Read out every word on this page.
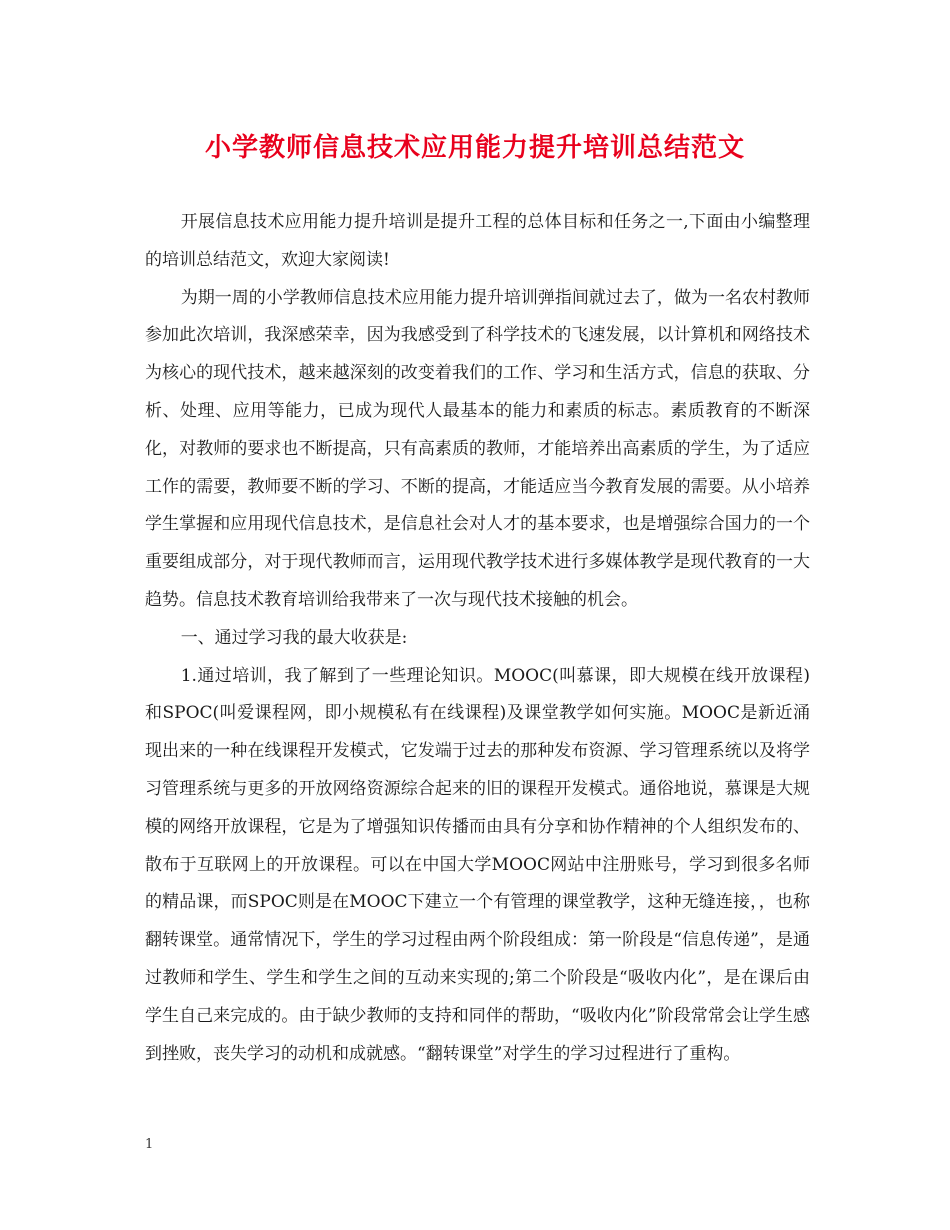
小学教师信息技术应用能力提升培训总结范文

开展信息技术应用能力提升培训是提升工程的总体目标和任务之一,下面由小编整理的培训总结范文，欢迎大家阅读!

为期一周的小学教师信息技术应用能力提升培训弹指间就过去了，做为一名农村教师参加此次培训，我深感荣幸，因为我感受到了科学技术的飞速发展，以计算机和网络技术为核心的现代技术，越来越深刻的改变着我们的工作、学习和生活方式，信息的获取、分析、处理、应用等能力，已成为现代人最基本的能力和素质的标志。素质教育的不断深化，对教师的要求也不断提高，只有高素质的教师，才能培养出高素质的学生，为了适应工作的需要，教师要不断的学习、不断的提高，才能适应当今教育发展的需要。从小培养学生掌握和应用现代信息技术，是信息社会对人才的基本要求，也是增强综合国力的一个重要组成部分，对于现代教师而言，运用现代教学技术进行多媒体教学是现代教育的一大趋势。信息技术教育培训给我带来了一次与现代技术接触的机会。

一、通过学习我的最大收获是:

1.通过培训，我了解到了一些理论知识。MOOC(叫慕课，即大规模在线开放课程)和SPOC(叫爱课程网，即小规模私有在线课程)及课堂教学如何实施。MOOC是新近涌现出来的一种在线课程开发模式，它发端于过去的那种发布资源、学习管理系统以及将学习管理系统与更多的开放网络资源综合起来的旧的课程开发模式。通俗地说，慕课是大规模的网络开放课程，它是为了增强知识传播而由具有分享和协作精神的个人组织发布的、散布于互联网上的开放课程。可以在中国大学MOOC网站中注册账号，学习到很多名师的精品课，而SPOC则是在MOOC下建立一个有管理的课堂教学，这种无缝连接，，也称翻转课堂。通常情况下，学生的学习过程由两个阶段组成：第一阶段是“信息传递”，是通过教师和学生、学生和学生之间的互动来实现的;第二个阶段是“吸收内化”，是在课后由学生自己来完成的。由于缺少教师的支持和同伴的帮助，“吸收内化”阶段常常会让学生感到挫败，丧失学习的动机和成就感。“翻转课堂”对学生的学习过程进行了重构。

1
